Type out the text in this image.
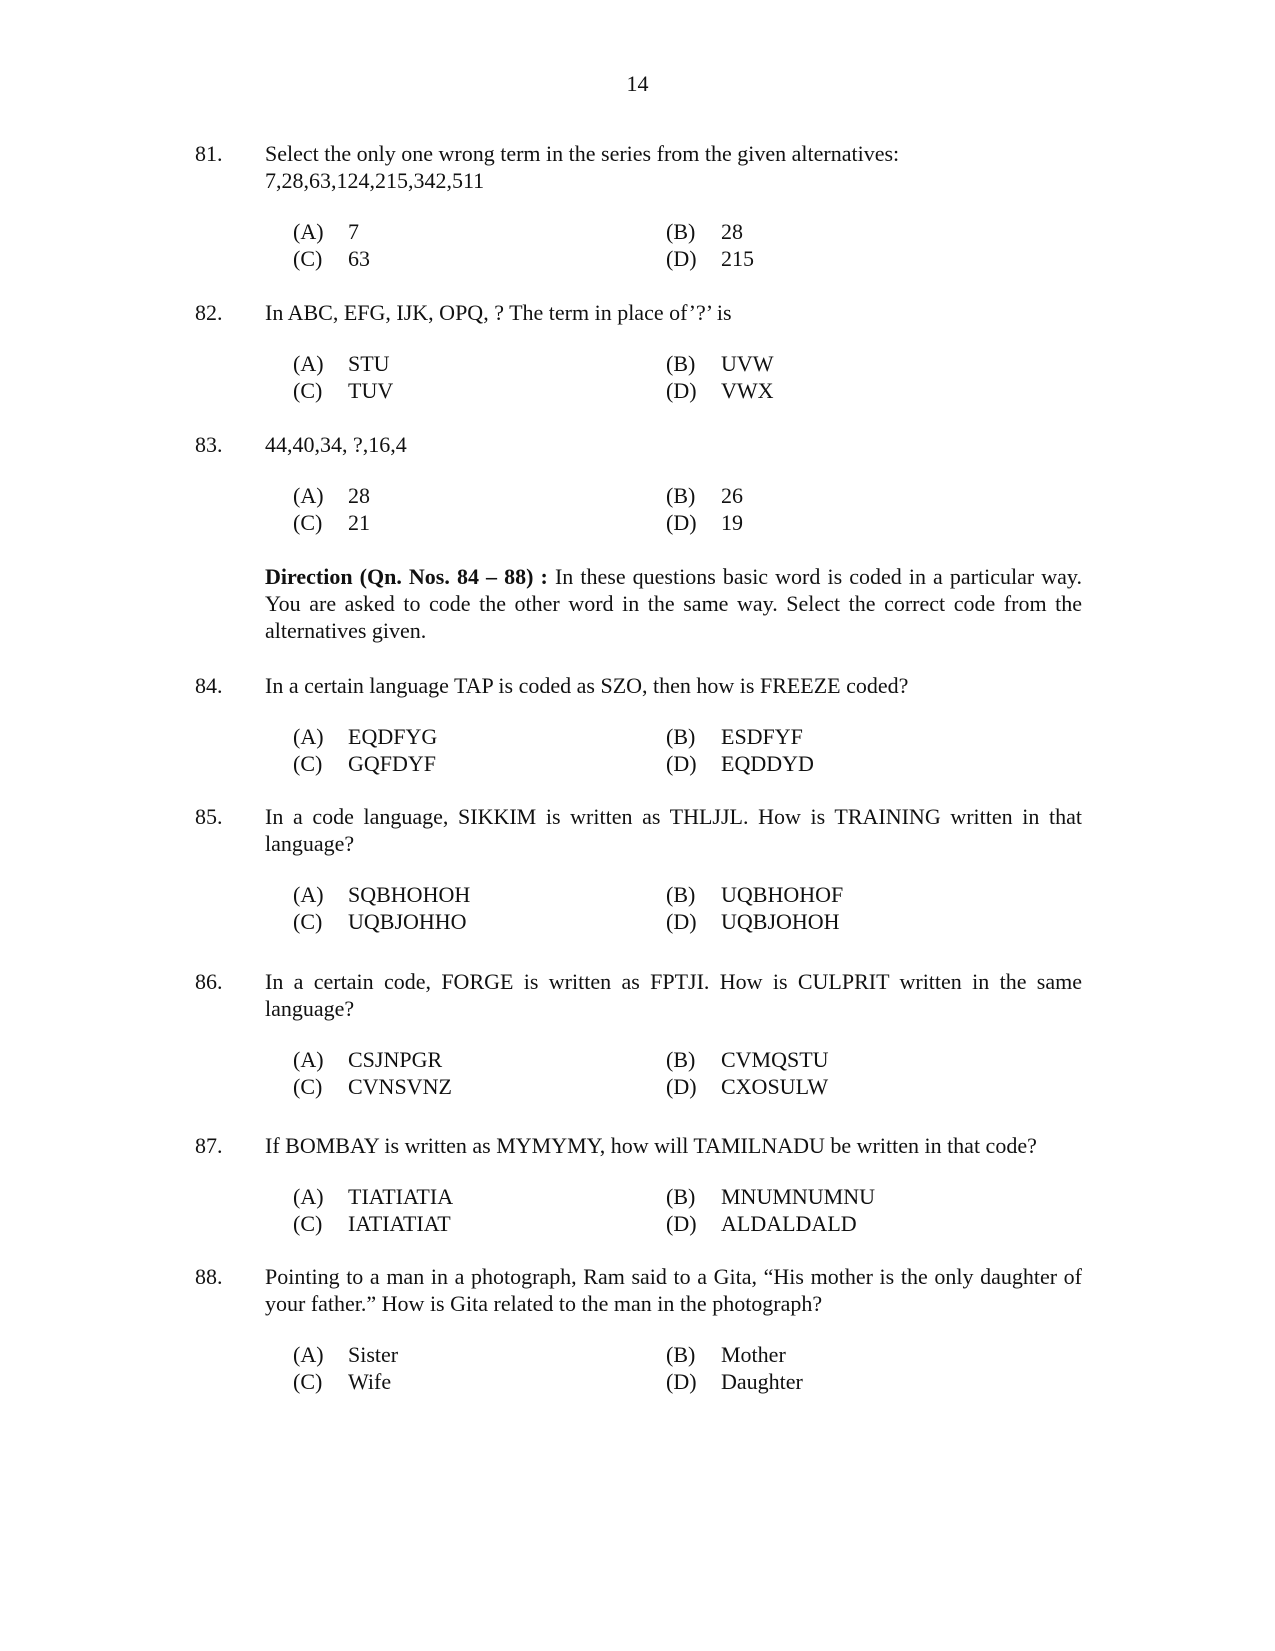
14
81. Select the only one wrong term in the series from the given alternatives:
7,28,63,124,215,342,511
(A)	7	(B)	28
(C)	63	(D)	215
82. In ABC, EFG, IJK, OPQ, ? The term in place of’?’ is
(A)	STU	(B)	UVW
(C)	TUV	(D)	VWX
83. 44,40,34, ?,16,4
(A)	28	(B)	26
(C)	21	(D)	19
Direction (Qn. Nos. 84 – 88) : In these questions basic word is coded in a particular way. You are asked to code the other word in the same way. Select the correct code from the alternatives given.
84. In a certain language TAP is coded as SZO, then how is FREEZE coded?
(A)	EQDFYG	(B)	ESDFYF
(C)	GQFDYF	(D)	EQDDYD
85. In a code language, SIKKIM is written as THLJJL. How is TRAINING written in that language?
(A)	SQBHOHOH	(B)	UQBHOHOF
(C)	UQBJOHHO	(D)	UQBJOHOH
86. In a certain code, FORGE is written as FPTJI. How is CULPRIT written in the same language?
(A)	CSJNPGR	(B)	CVMQSTU
(C)	CVNSVNZ	(D)	CXOSULW
87. If BOMBAY is written as MYMYMY, how will TAMILNADU be written in that code?
(A)	TIATIATIA	(B)	MNUMNUMNU
(C)	IATIATIAT	(D)	ALDALDALD
88. Pointing to a man in a photograph, Ram said to a Gita, “His mother is the only daughter of your father.” How is Gita related to the man in the photograph?
(A)	Sister	(B)	Mother
(C)	Wife	(D)	Daughter
